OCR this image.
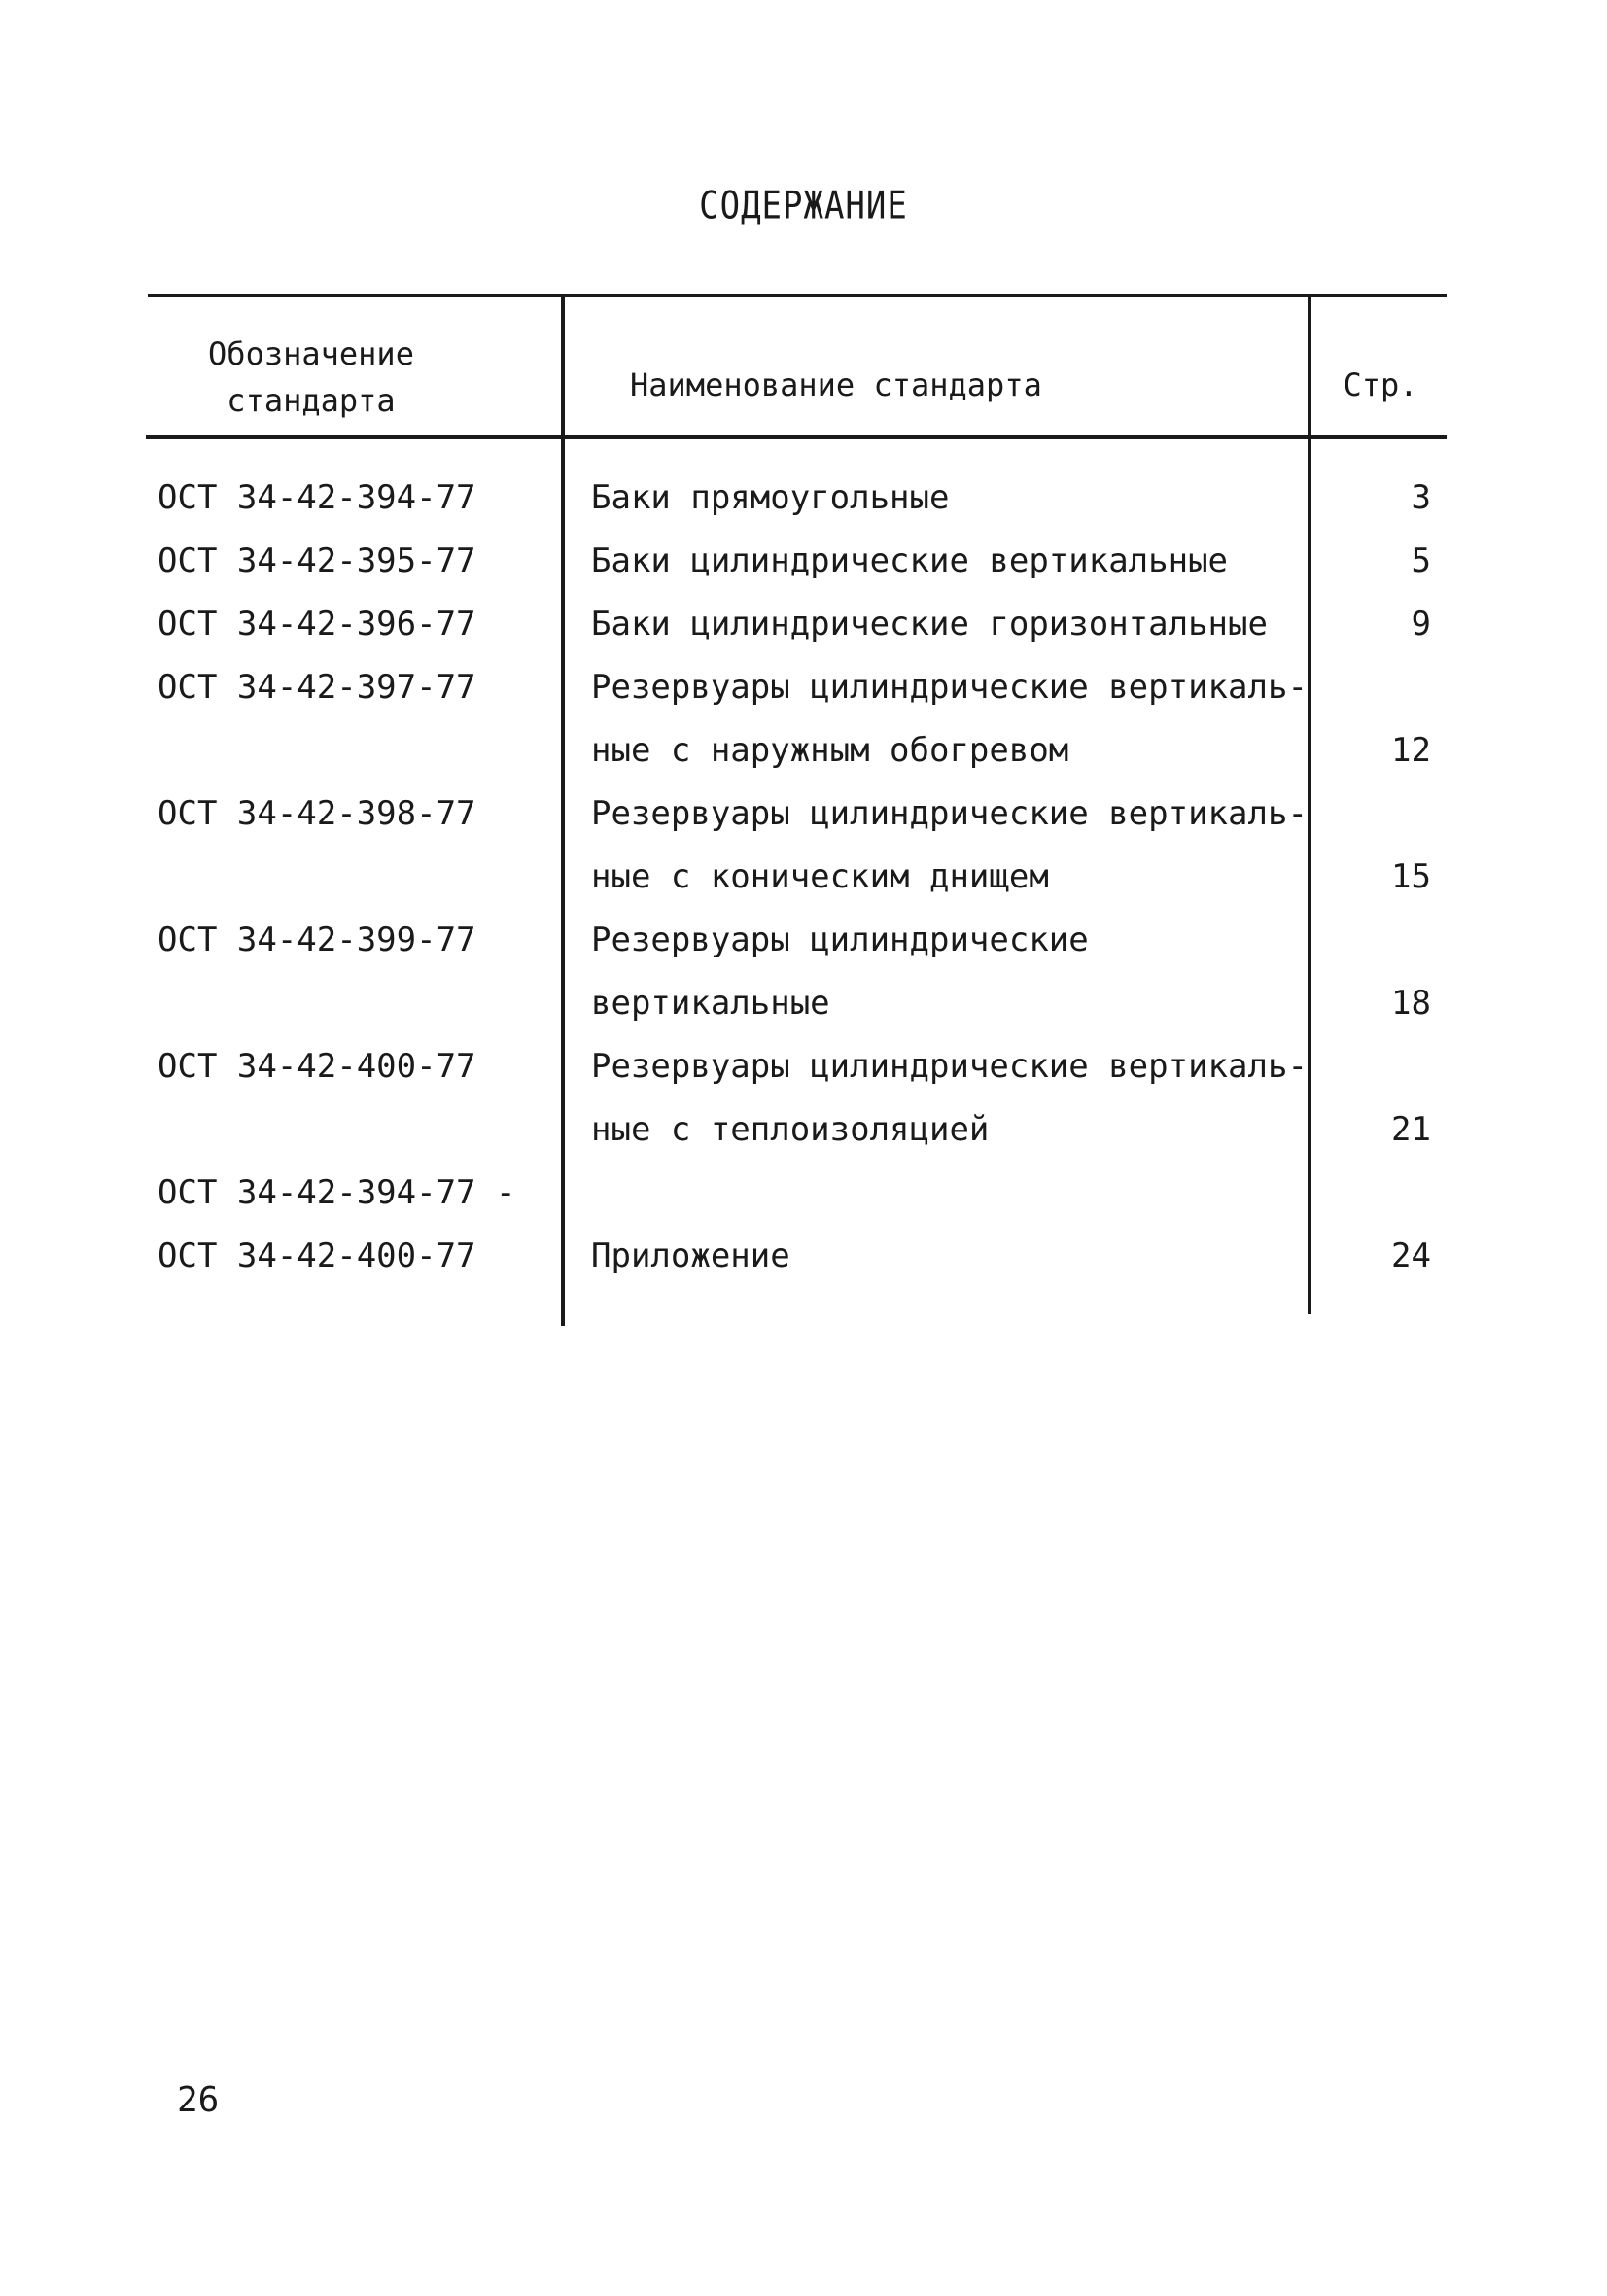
СОДЕРЖАНИЕ
Обозначение
стандарта	Наименование стандарта	Стр.
ОСТ 34-42-394-77	Баки прямоугольные	3
ОСТ 34-42-395-77	Баки цилиндрические вертикальные	5
ОСТ 34-42-396-77	Баки цилиндрические горизонтальные	9
ОСТ 34-42-397-77	Резервуары цилиндрические вертикаль-
ные с наружным обогревом	12
ОСТ 34-42-398-77	Резервуары цилиндрические вертикаль-
ные с коническим днищем	15
ОСТ 34-42-399-77	Резервуары цилиндрические
вертикальные	18
ОСТ 34-42-400-77	Резервуары цилиндрические вертикаль-
ные с теплоизоляцией	21
ОСТ 34-42-394-77 -
ОСТ 34-42-400-77	Приложение	24
26
